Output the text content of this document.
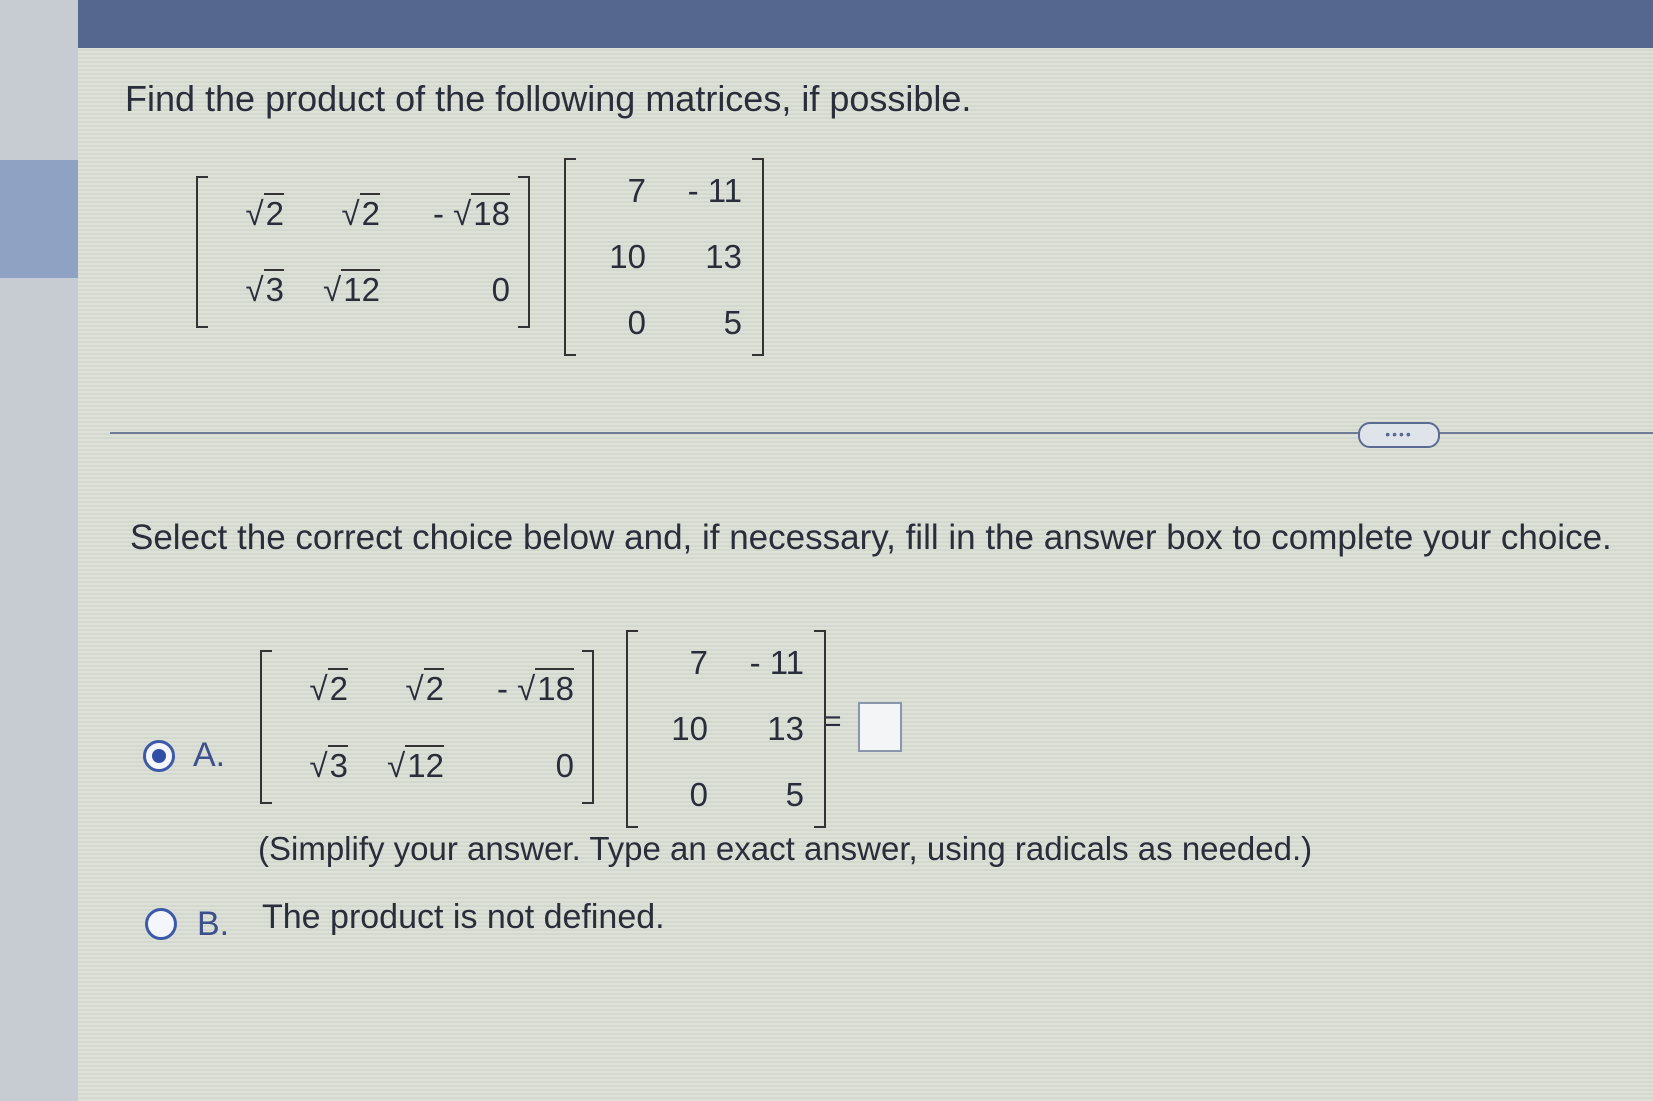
Find the product of the following matrices, if possible.
√2 √2 - √18
√3 √12	0
7 - 11
10 13
0 5
••••
Select the correct choice below and, if necessary, fill in the answer box to complete your choice.
A.
√2 √2 - √18
√3 √12	0
7 - 11
10 13
0 5
=
(Simplify your answer. Type an exact answer, using radicals as needed.)
B. The product is not defined.
